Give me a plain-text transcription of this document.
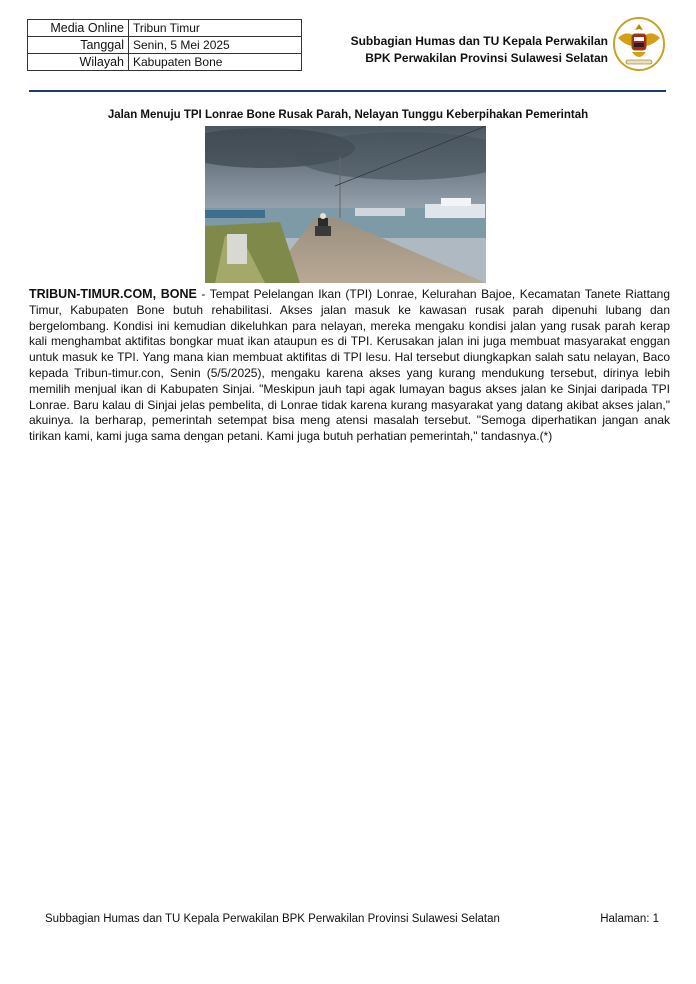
Media Online	Tribun Timur
Tanggal	Senin, 5 Mei 2025
Wilayah	Kabupaten Bone
Subbagian Humas dan TU Kepala Perwakilan
BPK Perwakilan Provinsi Sulawesi Selatan
Jalan Menuju TPI Lonrae Bone Rusak Parah, Nelayan Tunggu Keberpihakan Pemerintah
TRIBUN-TIMUR.COM, BONE - Tempat Pelelangan Ikan (TPI) Lonrae, Kelurahan Bajoe, Kecamatan Tanete Riattang Timur, Kabupaten Bone butuh rehabilitasi. Akses jalan masuk ke kawasan rusak parah dipenuhi lubang dan bergelombang. Kondisi ini kemudian dikeluhkan para nelayan, mereka mengaku kondisi jalan yang rusak parah kerap kali menghambat aktifitas bongkar muat ikan ataupun es di TPI. Kerusakan jalan ini juga membuat masyarakat enggan untuk masuk ke TPI. Yang mana kian membuat aktifitas di TPI lesu. Hal tersebut diungkapkan salah satu nelayan, Baco kepada Tribun-timur.con, Senin (5/5/2025), mengaku karena akses yang kurang mendukung tersebut, dirinya lebih memilih menjual ikan di Kabupaten Sinjai. "Meskipun jauh tapi agak lumayan bagus akses jalan ke Sinjai daripada TPI Lonrae. Baru kalau di Sinjai jelas pembelita, di Lonrae tidak karena kurang masyarakat yang datang akibat akses jalan," akuinya. Ia berharap, pemerintah setempat bisa meng atensi masalah tersebut. "Semoga diperhatikan jangan anak tirikan kami, kami juga sama dengan petani. Kami juga butuh perhatian pemerintah," tandasnya.(*)
Subbagian Humas dan TU Kepala Perwakilan BPK Perwakilan Provinsi Sulawesi Selatan	Halaman: 1
